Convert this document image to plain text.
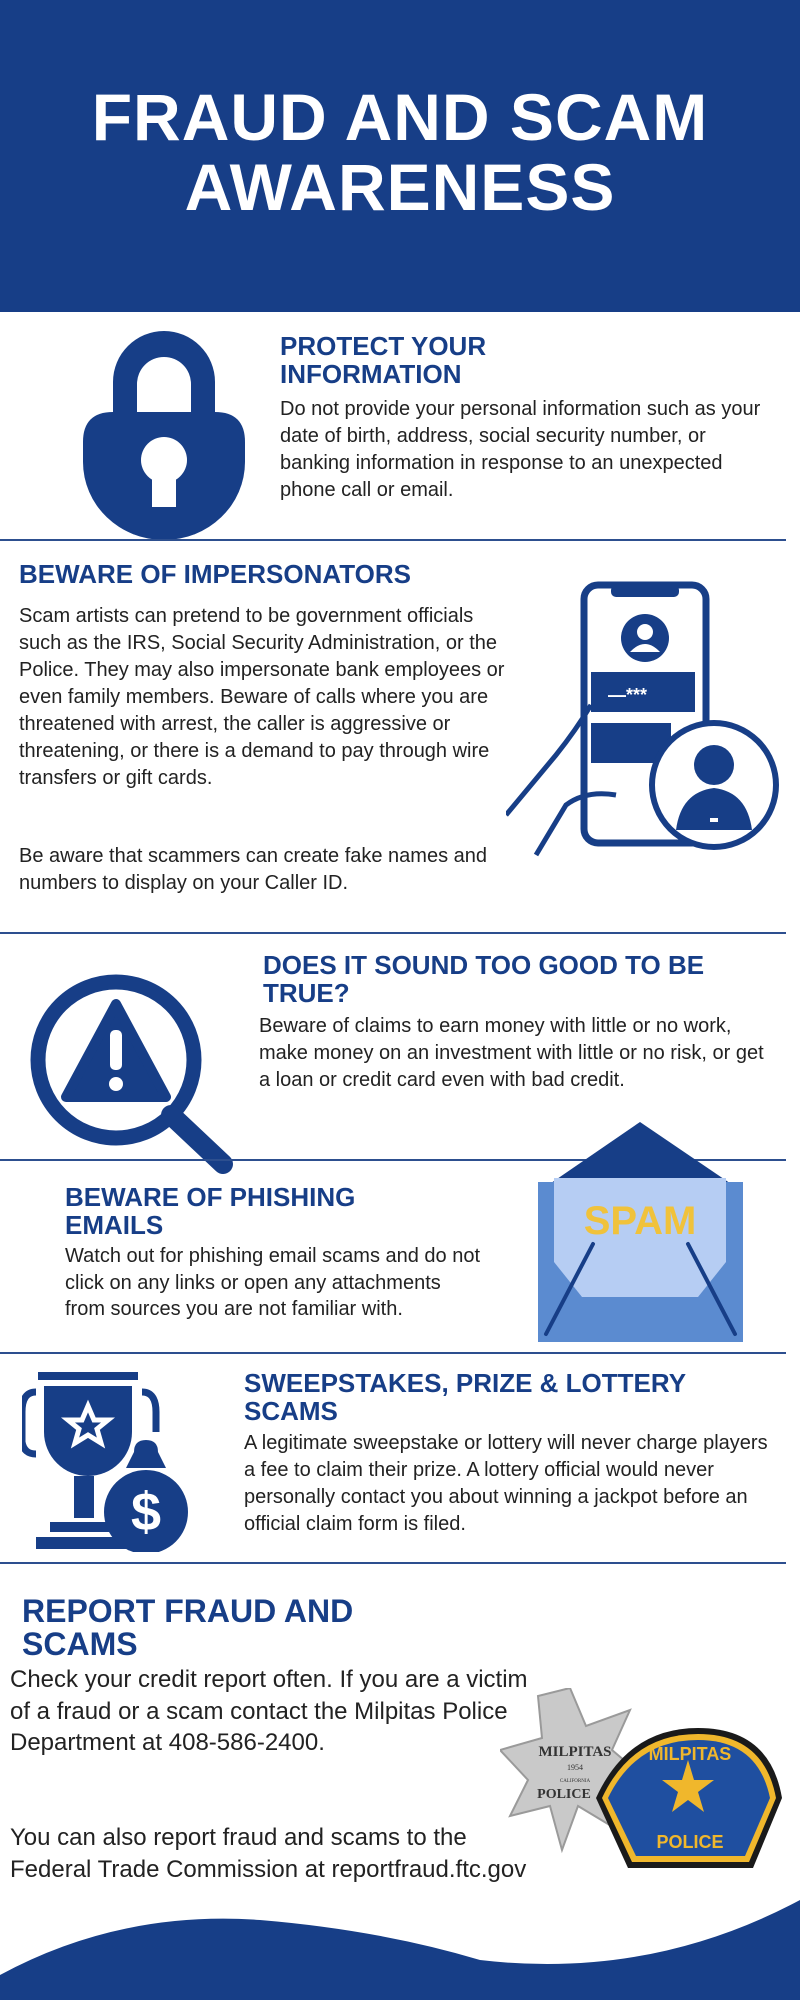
FRAUD AND SCAM AWARENESS
PROTECT YOUR INFORMATION

Do not provide your personal information such as your date of birth, address, social security number, or banking information in response to an unexpected phone call or email.

BEWARE OF IMPERSONATORS

Scam artists can pretend to be government officials such as the IRS, Social Security Administration, or the Police. They may also impersonate bank employees or even family members. Beware of calls where you are threatened with arrest, the caller is aggressive or threatening, or there is a demand to pay through wire transfers or gift cards.

Be aware that scammers can create fake names and numbers to display on your Caller ID.

—***
DOES IT SOUND TOO GOOD TO BE TRUE?

Beware of claims to earn money with little or no work, make money on an investment with little or no risk, or get a loan or credit card even with bad credit.

BEWARE OF PHISHING EMAILS

Watch out for phishing email scams and do not click on any links or open any attachments from sources you are not familiar with.

SPAM
$
SWEEPSTAKES, PRIZE & LOTTERY SCAMS

A legitimate sweepstake or lottery will never charge players a fee to claim their prize. A lottery official would never personally contact you about winning a jackpot before an official claim form is filed.

REPORT FRAUD AND SCAMS

Check your credit report often. If you are a victim of a fraud or a scam contact the Milpitas Police Department at 408-586-2400.

You can also report fraud and scams to the Federal Trade Commission at reportfraud.ftc.gov

MILPITAS
1954
CALIFORNIA
POLICE
MILPITAS
POLICE
